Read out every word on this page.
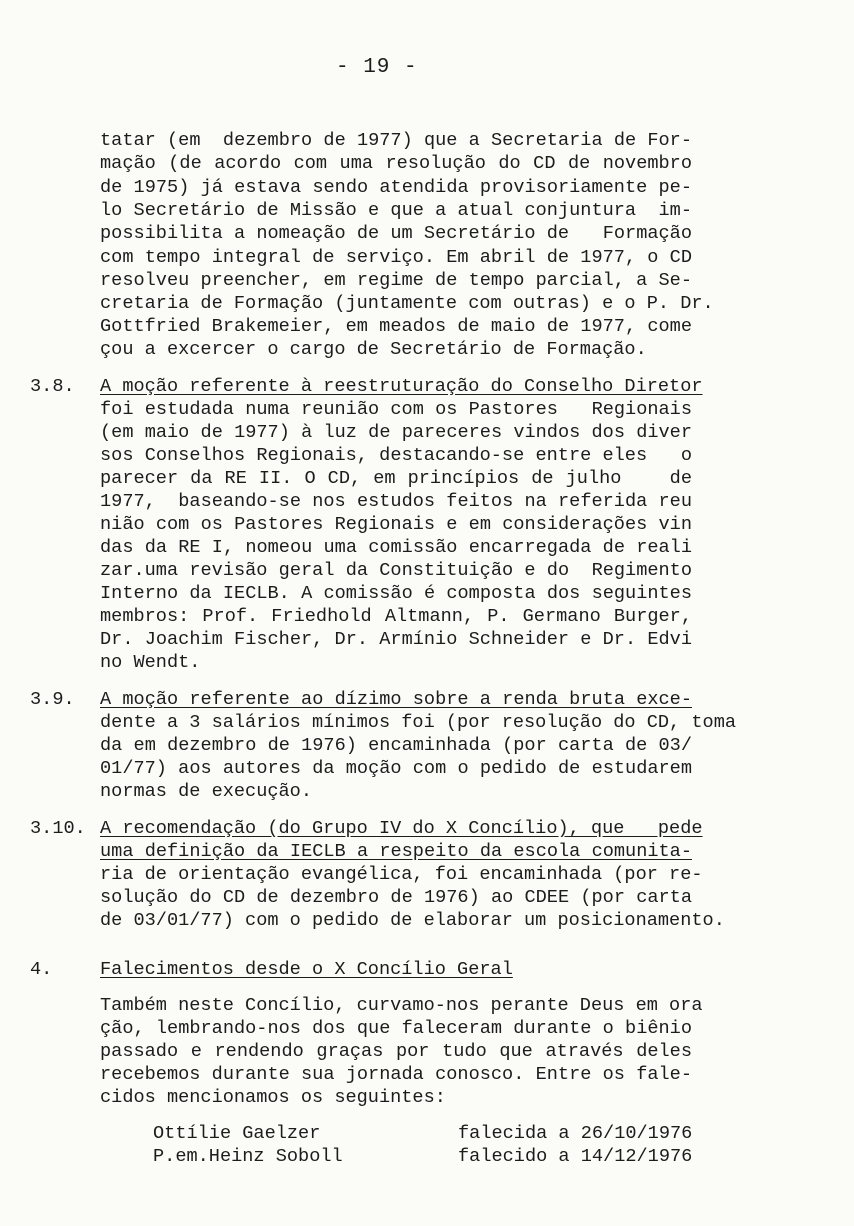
- 19 -
tatar (em  dezembro de 1977) que a Secretaria de For-
mação (de acordo com uma resolução do CD de novembro
de 1975) já estava sendo atendida provisoriamente pe-
lo Secretário de Missão e que a atual conjuntura  im-
possibilita a nomeação de um Secretário de   Formação
com tempo integral de serviço. Em abril de 1977, o CD
resolveu preencher, em regime de tempo parcial, a Se-
cretaria de Formação (juntamente com outras) e o P. Dr.
Gottfried Brakemeier, em meados de maio de 1977, come
çou a excercer o cargo de Secretário de Formação.
3.8. A moção referente à reestruturação do Conselho Diretor
foi estudada numa reunião com os Pastores   Regionais
(em maio de 1977) à luz de pareceres vindos dos diver
sos Conselhos Regionais, destacando-se entre eles   o
parecer da RE II. O CD, em princípios de julho    de
1977,  baseando-se nos estudos feitos na referida reu
nião com os Pastores Regionais e em considerações vin
das da RE I, nomeou uma comissão encarregada de reali
zar.uma revisão geral da Constituição e do  Regimento
Interno da IECLB. A comissão é composta dos seguintes
membros: Prof. Friedhold Altmann, P. Germano Burger,
Dr. Joachim Fischer, Dr. Armínio Schneider e Dr. Edvi
no Wendt.
3.9. A moção referente ao dízimo sobre a renda bruta exce-
dente a 3 salários mínimos foi (por resolução do CD, toma
da em dezembro de 1976) encaminhada (por carta de 03/
01/77) aos autores da moção com o pedido de estudarem
normas de execução.
3.10. A recomendação (do Grupo IV do X Concílio), que   pede
uma definição da IECLB a respeito da escola comunita-
ria de orientação evangélica, foi encaminhada (por re-
solução do CD de dezembro de 1976) ao CDEE (por carta
de 03/01/77) com o pedido de elaborar um posicionamento.
4.	Falecimentos desde o X Concílio Geral
Também neste Concílio, curvamo-nos perante Deus em ora
ção, lembrando-nos dos que faleceram durante o biênio
passado e rendendo graças por tudo que através deles
recebemos durante sua jornada conosco. Entre os fale-
cidos mencionamos os seguintes:
Ottílie Gaelzer	falecida a 26/10/1976
P.em.Heinz Soboll	falecido a 14/12/1976
